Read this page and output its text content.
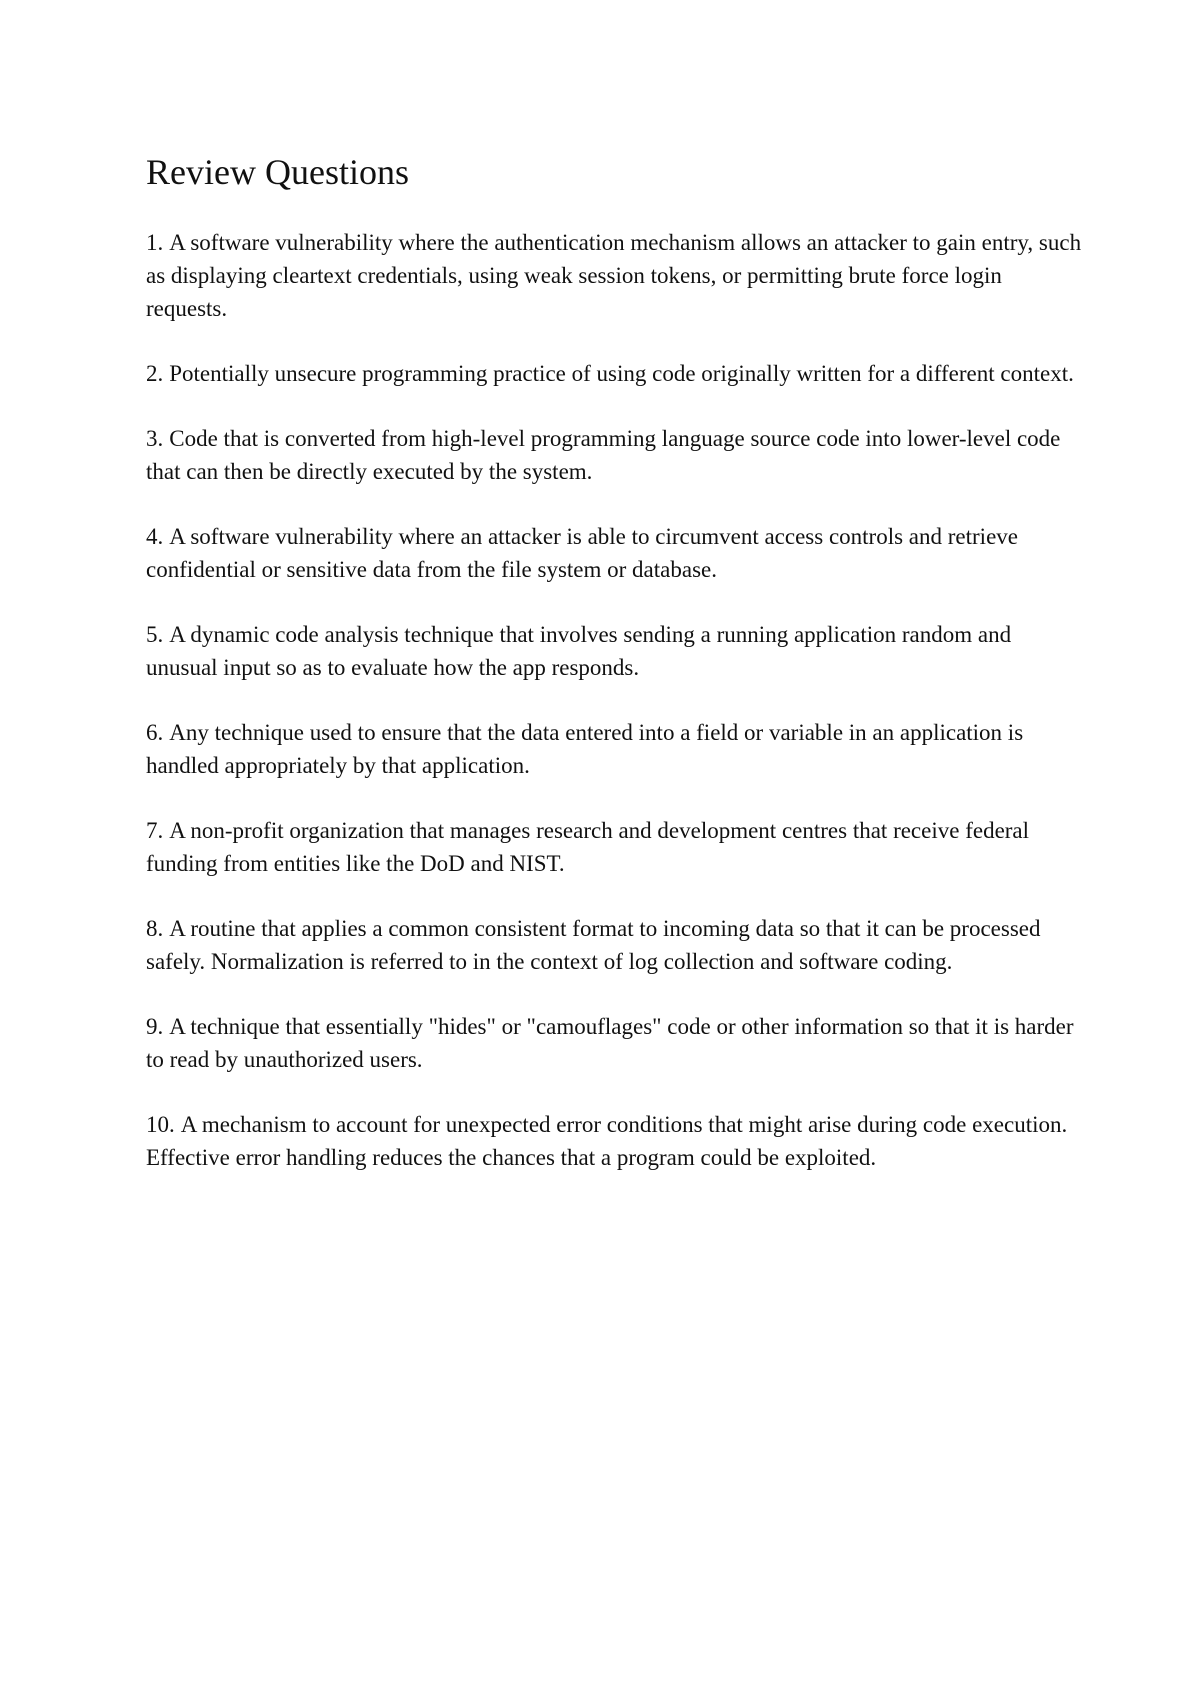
Review Questions

1. A software vulnerability where the authentication mechanism allows an attacker to gain entry, such as displaying cleartext credentials, using weak session tokens, or permitting brute force login requests.

2. Potentially unsecure programming practice of using code originally written for a different context.

3. Code that is converted from high-level programming language source code into lower-level code that can then be directly executed by the system.

4. A software vulnerability where an attacker is able to circumvent access controls and retrieve confidential or sensitive data from the file system or database.

5. A dynamic code analysis technique that involves sending a running application random and unusual input so as to evaluate how the app responds.

6. Any technique used to ensure that the data entered into a field or variable in an application is handled appropriately by that application.

7. A non-profit organization that manages research and development centres that receive federal funding from entities like the DoD and NIST.

8. A routine that applies a common consistent format to incoming data so that it can be processed safely. Normalization is referred to in the context of log collection and software coding.

9. A technique that essentially "hides" or "camouflages" code or other information so that it is harder to read by unauthorized users.

10. A mechanism to account for unexpected error conditions that might arise during code execution. Effective error handling reduces the chances that a program could be exploited.
